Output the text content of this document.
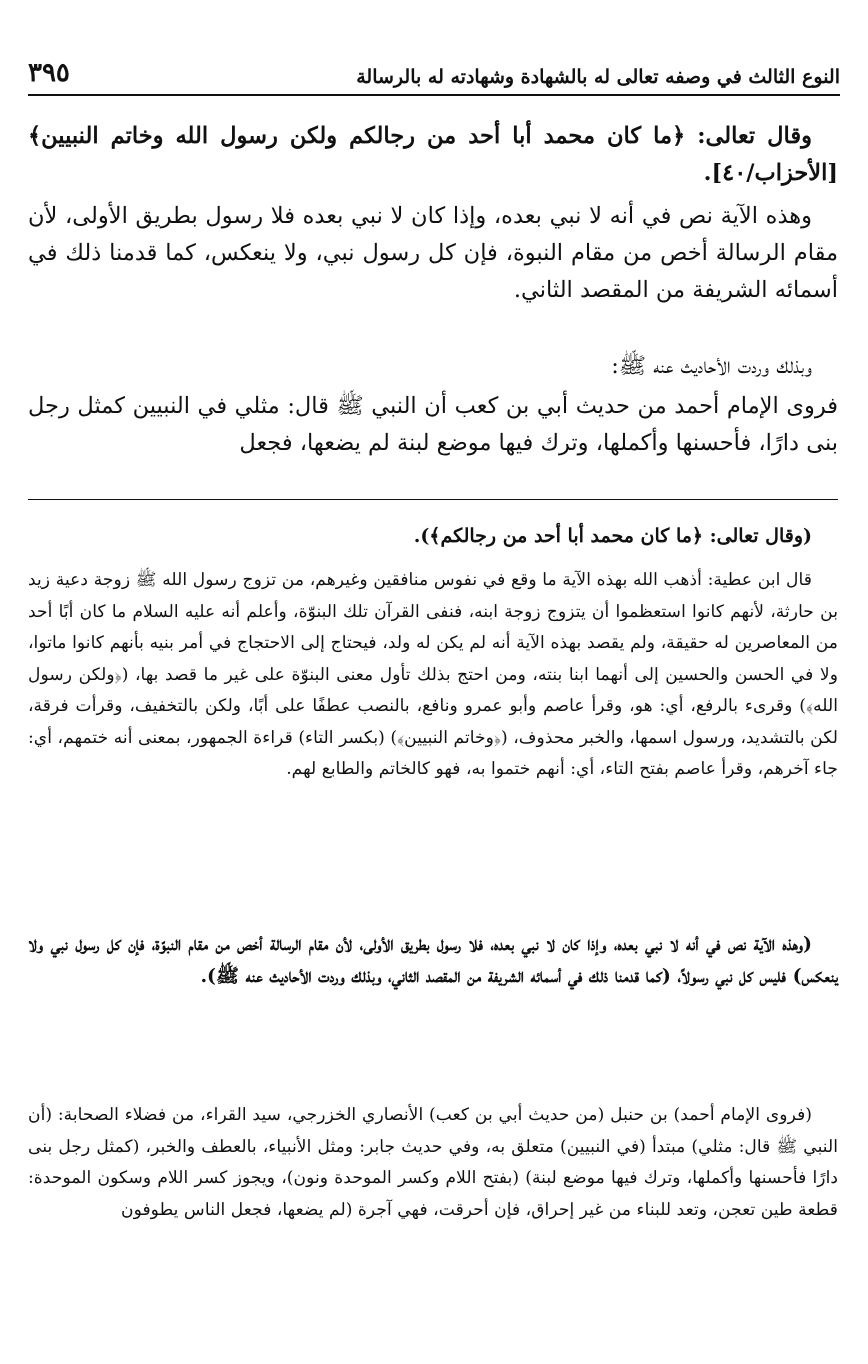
النوع الثالث في وصفه تعالى له بالشهادة وشهادته له بالرسالة
٣٩٥

وقال تعالى: ﴿ما كان محمد أبا أحد من رجالكم ولكن رسول الله وخاتم النبيين﴾ [الأحزاب/٤٠].

وهذه الآية نص في أنه لا نبي بعده، وإذا كان لا نبي بعده فلا رسول بطريق الأولى، لأن مقام الرسالة أخص من مقام النبوة، فإن كل رسول نبي، ولا ينعكس، كما قدمنا ذلك في أسمائه الشريفة من المقصد الثاني.

وبذلك وردت الأحاديث عنه ﷺ:

فروى الإمام أحمد من حديث أبي بن كعب أن النبي ﷺ قال: مثلي في النبيين كمثل رجل بنى دارًا، فأحسنها وأكملها، وترك فيها موضع لبنة لم يضعها، فجعل

(وقال تعالى: ﴿ما كان محمد أبا أحد من رجالكم﴾).

قال ابن عطية: أذهب الله بهذه الآية ما وقع في نفوس منافقين وغيرهم، من تزوج رسول الله ﷺ زوجة دعية زيد بن حارثة، لأنهم كانوا استعظموا أن يتزوج زوجة ابنه، فنفى القرآن تلك البنوّة، وأعلم أنه عليه السلام ما كان أبًا أحد من المعاصرين له حقيقة، ولم يقصد بهذه الآية أنه لم يكن له ولد، فيحتاج إلى الاحتجاج في أمر بنيه بأنهم كانوا ماتوا، ولا في الحسن والحسين إلى أنهما ابنا بنته، ومن احتج بذلك تأول معنى البنوّة على غير ما قصد بها، (﴿ولكن رسول الله﴾) وقرىء بالرفع، أي: هو، وقرأ عاصم وأبو عمرو ونافع، بالنصب عطفًا على أبًا، ولكن بالتخفيف، وقرأت فرقة، لكن بالتشديد، ورسول اسمها، والخبر محذوف، (﴿وخاتم النبيين﴾) (بكسر التاء) قراءة الجمهور، بمعنى أنه ختمهم، أي: جاء آخرهم، وقرأ عاصم بفتح التاء، أي: أنهم ختموا به، فهو كالخاتم والطابع لهم.

(وهذه الآية نص في أنه لا نبي بعده، وإذا كان لا نبي بعده، فلا رسول بطريق الأولى، لأن مقام الرسالة أخص من مقام النبوّة، فإن كل رسول نبي ولا ينعكس) فليس كل نبي رسولاً، (كما قدمنا ذلك في أسمائه الشريفة من المقصد الثاني، وبذلك وردت الأحاديث عنه ﷺ).

(فروى الإمام أحمد) بن حنبل (من حديث أبي بن كعب) الأنصاري الخزرجي، سيد القراء، من فضلاء الصحابة: (أن النبي ﷺ قال: مثلي) مبتدأ (في النبيين) متعلق به، وفي حديث جابر: ومثل الأنبياء، بالعطف والخبر، (كمثل رجل بنى دارًا فأحسنها وأكملها، وترك فيها موضع لبنة) (بفتح اللام وكسر الموحدة ونون)، ويجوز كسر اللام وسكون الموحدة: قطعة طين تعجن، وتعد للبناء من غير إحراق، فإن أحرقت، فهي آجرة (لم يضعها، فجعل الناس يطوفون
